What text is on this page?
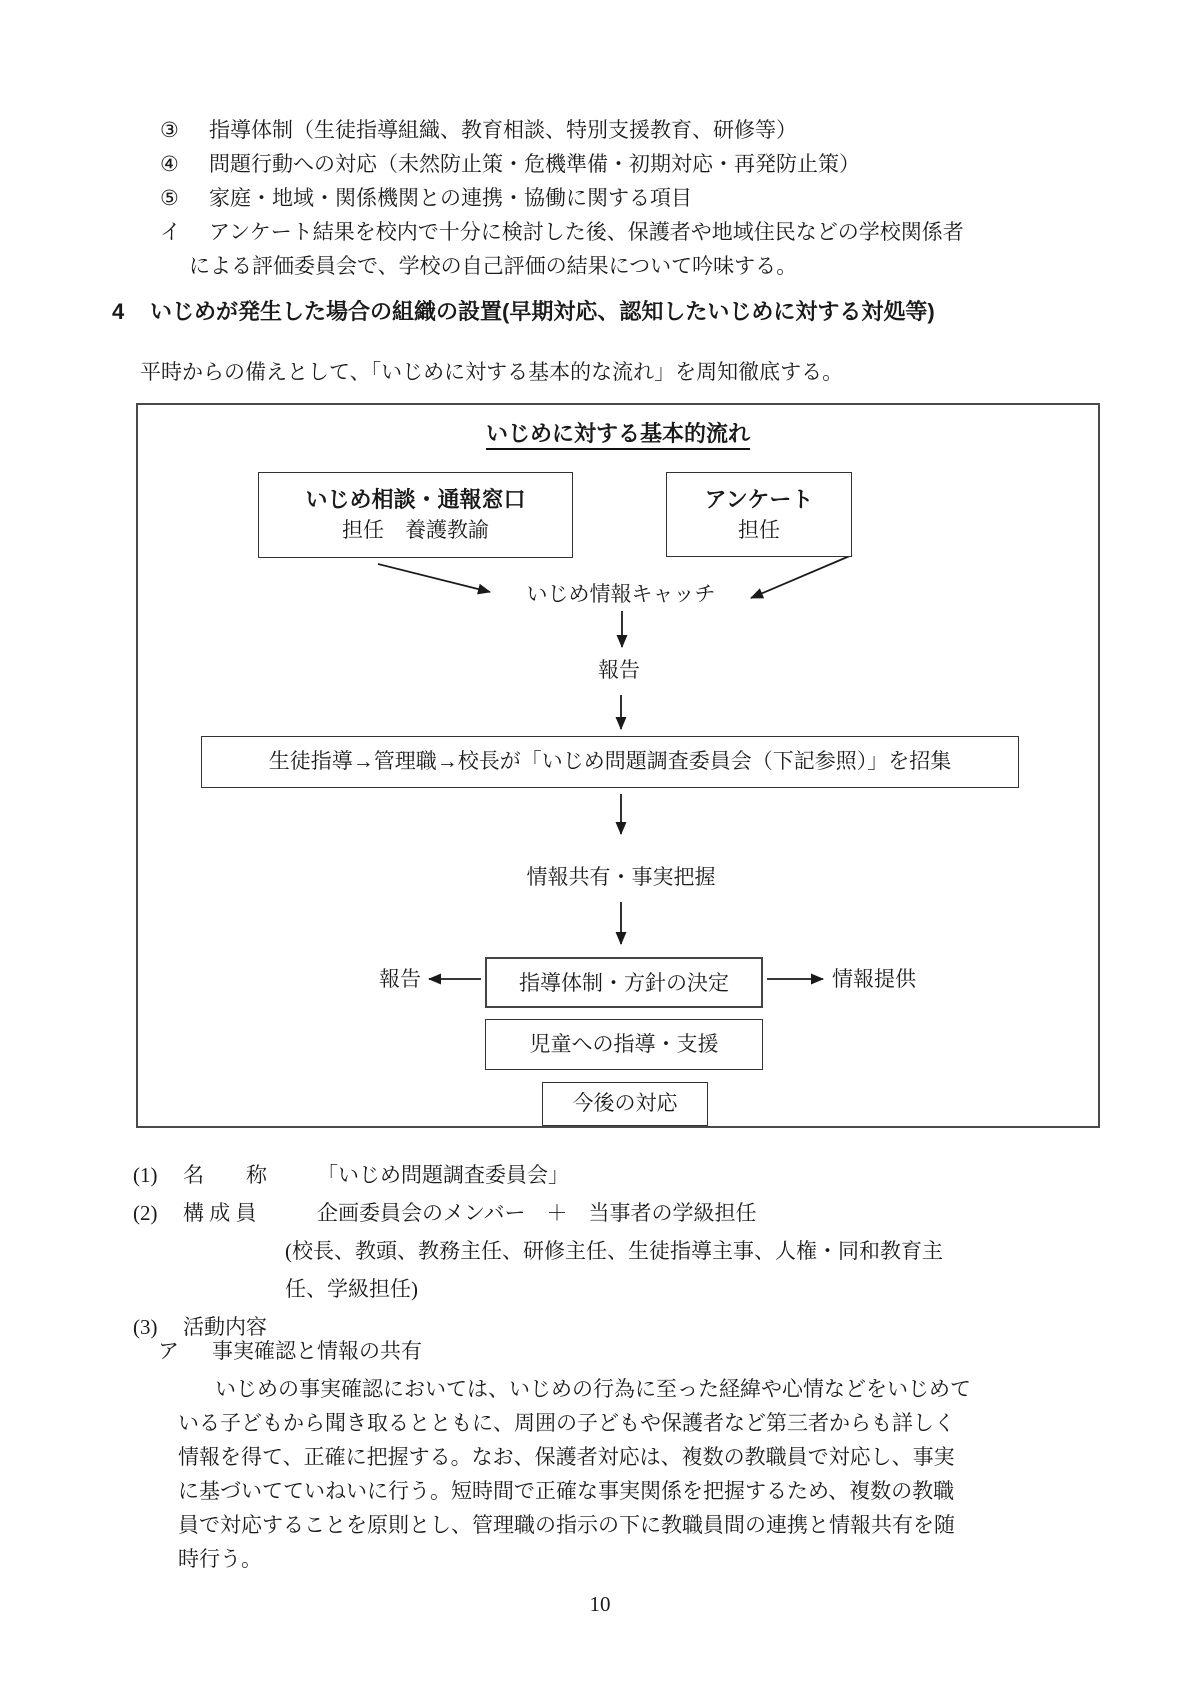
③	指導体制（生徒指導組織、教育相談、特別支援教育、研修等）
④	問題行動への対応（未然防止策・危機準備・初期対応・再発防止策）
⑤	家庭・地域・関係機関との連携・協働に関する項目
イ	アンケート結果を校内で十分に検討した後、保護者や地域住民などの学校関係者
による評価委員会で、学校の自己評価の結果について吟味する。
4	いじめが発生した場合の組織の設置(早期対応、認知したいじめに対する対処等)
平時からの備えとして、「いじめに対する基本的な流れ」を周知徹底する。
いじめに対する基本的流れ
いじめ相談・通報窓口
担任　養護教諭
アンケート
担任
いじめ情報キャッチ
報告
生徒指導→管理職→校長が「いじめ問題調査委員会（下記参照）」を招集
情報共有・事実把握
報告	指導体制・方針の決定	情報提供
児童への指導・支援
今後の対応
(1)	名　　称	「いじめ問題調査委員会」
(2)	構 成 員	企画委員会のメンバー　＋　当事者の学級担任
(校長、教頭、教務主任、研修主任、生徒指導主事、人権・同和教育主
任、学級担任)
(3)	活動内容
ア	事実確認と情報の共有
いじめの事実確認においては、いじめの行為に至った経緯や心情などをいじめて
いる子どもから聞き取るとともに、周囲の子どもや保護者など第三者からも詳しく
情報を得て、正確に把握する。なお、保護者対応は、複数の教職員で対応し、事実
に基づいてていねいに行う。短時間で正確な事実関係を把握するため、複数の教職
員で対応することを原則とし、管理職の指示の下に教職員間の連携と情報共有を随
時行う。
10
